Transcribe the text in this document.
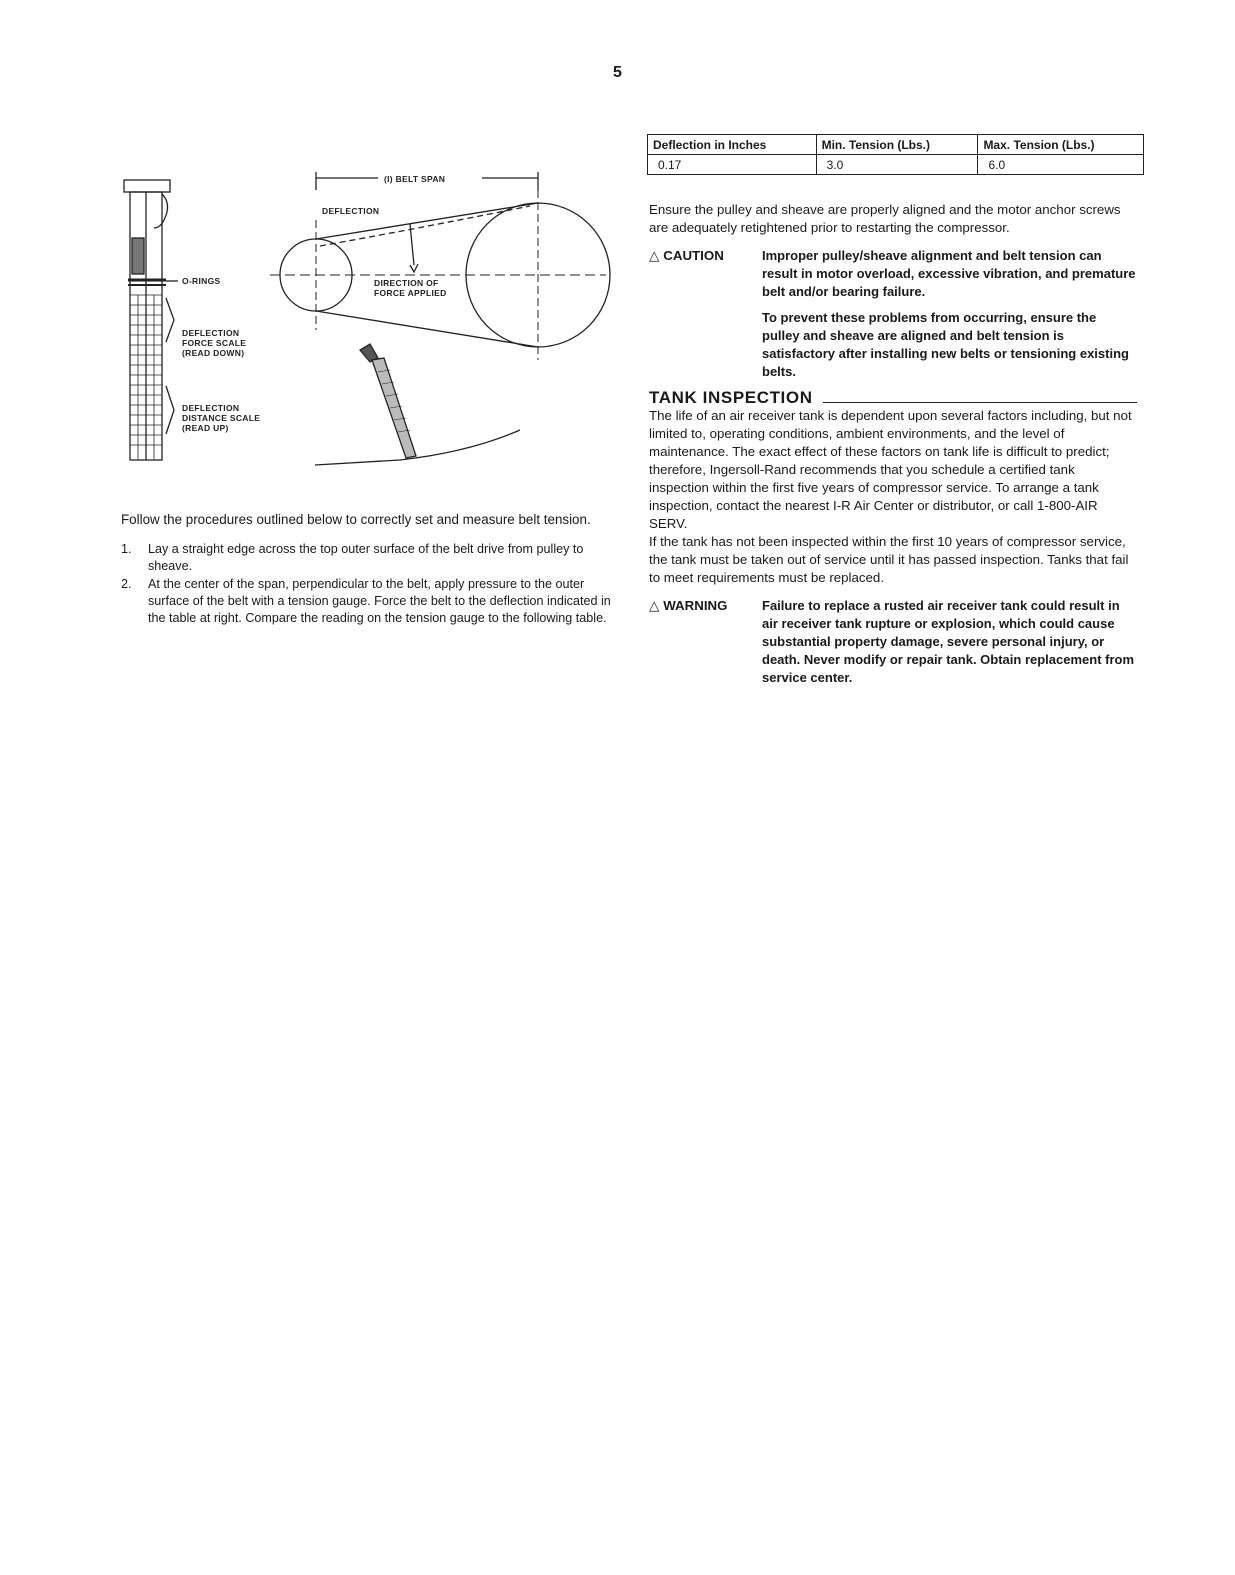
5
(I) BELT SPAN
DEFLECTION
DIRECTION OF
FORCE APPLIED
O-RINGS
DEFLECTION
FORCE SCALE
(READ DOWN)
DEFLECTION
DISTANCE SCALE
(READ UP)

Follow the procedures outlined below to correctly set and measure belt tension.

1. Lay a straight edge across the top outer surface of the belt drive from pulley to sheave.
2. At the center of the span, perpendicular to the belt, apply pressure to the outer surface of the belt with a tension gauge. Force the belt to the deflection indicated in the table at right. Compare the reading on the tension gauge to the following table.
Deflection in Inches	Min. Tension (Lbs.)	Max. Tension (Lbs.)
0.17	3.0	6.0

Ensure the pulley and sheave are properly aligned and the motor anchor screws are adequately retightened prior to restarting the compressor.

△ CAUTION	Improper pulley/sheave alignment and belt tension can result in motor overload, excessive vibration, and premature belt and/or bearing failure.

To prevent these problems from occurring, ensure the pulley and sheave are aligned and belt tension is satisfactory after installing new belts or tensioning existing belts.

TANK INSPECTION

The life of an air receiver tank is dependent upon several factors including, but not limited to, operating conditions, ambient environments, and the level of maintenance. The exact effect of these factors on tank life is difficult to predict; therefore, Ingersoll-Rand recommends that you schedule a certified tank inspection within the first five years of compressor service. To arrange a tank inspection, contact the nearest I-R Air Center or distributor, or call 1-800-AIR SERV.

If the tank has not been inspected within the first 10 years of compressor service, the tank must be taken out of service until it has passed inspection. Tanks that fail to meet requirements must be replaced.

△ WARNING	Failure to replace a rusted air receiver tank could result in air receiver tank rupture or explosion, which could cause substantial property damage, severe personal injury, or death. Never modify or repair tank. Obtain replacement from service center.
